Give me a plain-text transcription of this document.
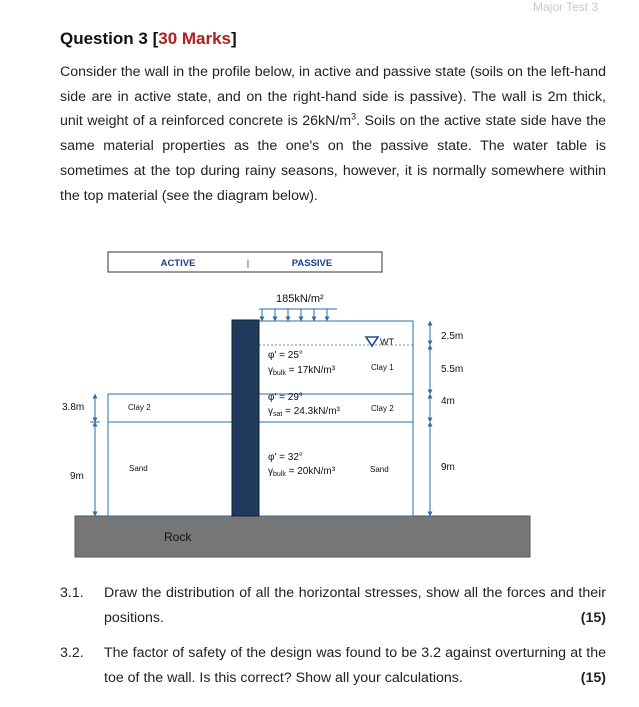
Major Test 3
Question 3 [30 Marks]
Consider the wall in the profile below, in active and passive state (soils on the left-hand side are in active state, and on the right-hand side is passive). The wall is 2m thick, unit weight of a reinforced concrete is $26kN/m^3$. Soils on the active state side have the same material properties as the one's on the passive state. The water table is sometimes at the top during rainy seasons, however, it is normally somewhere within the top material (see the diagram below).
ACTIVE	|	PASSIVE
Rock
Clay 2
Sand
WT
185kN/m²
φ' = 25°
$\gamma_{bulk} = 17kN/m^3$	Clay 1
φ' = 29°
$\gamma_{sat} = 24.3kN/m^3$	Clay 2
φ' = 32°
$\gamma_{bulk} = 20kN/m^3$	Sand
3.8m
9m
2.5m
5.5m
4m
9m
3.1. Draw the distribution of all the horizontal stresses, show all the forces and their positions.	(15)
3.2. The factor of safety of the design was found to be 3.2 against overturning at the toe of the wall. Is this correct? Show all your calculations.	(15)
